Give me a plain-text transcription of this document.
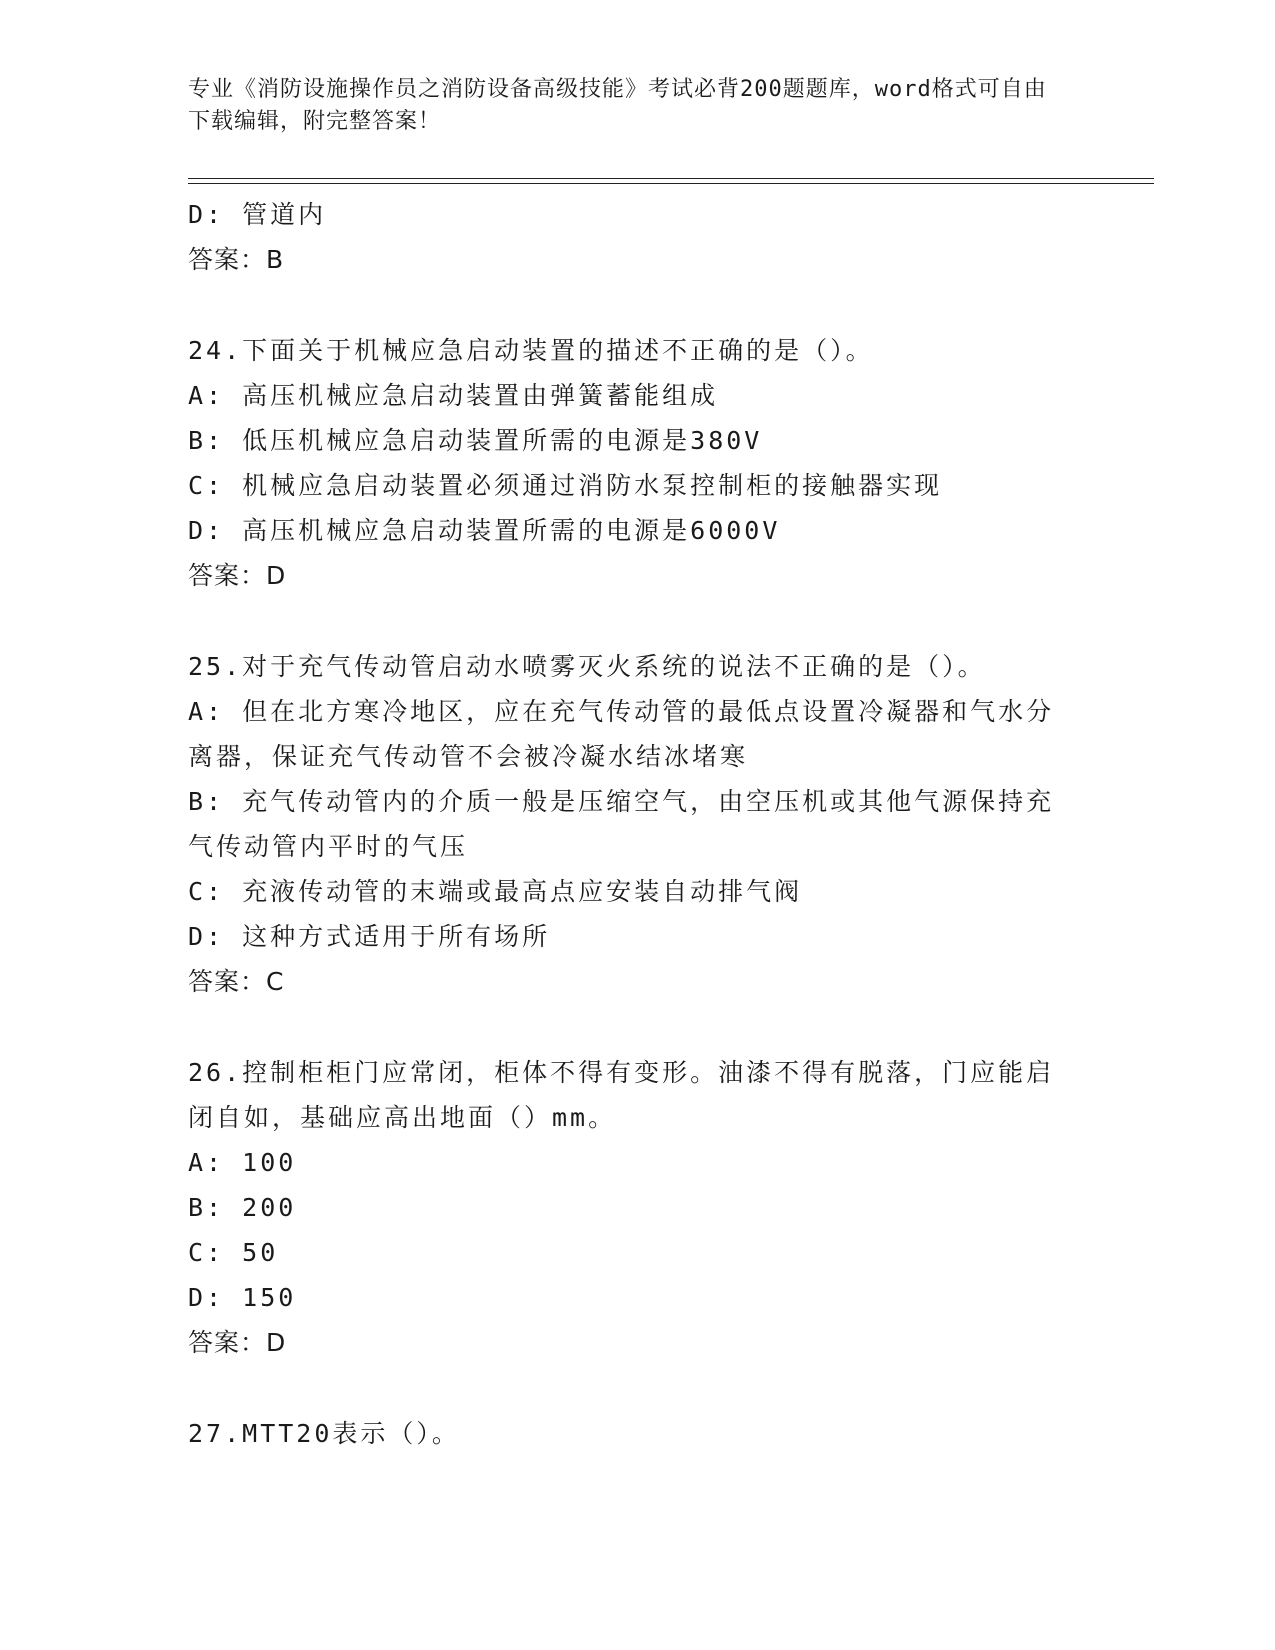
专业《消防设施操作员之消防设备高级技能》考试必背200题题库，word格式可自由下载编辑，附完整答案！
D: 管道内
答案：B
24.下面关于机械应急启动装置的描述不正确的是（）。
A: 高压机械应急启动装置由弹簧蓄能组成
B: 低压机械应急启动装置所需的电源是380V
C: 机械应急启动装置必须通过消防水泵控制柜的接触器实现
D: 高压机械应急启动装置所需的电源是6000V
答案：D
25.对于充气传动管启动水喷雾灭火系统的说法不正确的是（）。
A: 但在北方寒冷地区，应在充气传动管的最低点设置冷凝器和气水分离器，保证充气传动管不会被冷凝水结冰堵寒
B: 充气传动管内的介质一般是压缩空气，由空压机或其他气源保持充气传动管内平时的气压
C: 充液传动管的末端或最高点应安装自动排气阀
D: 这种方式适用于所有场所
答案：C
26.控制柜柜门应常闭，柜体不得有变形。油漆不得有脱落，门应能启闭自如，基础应高出地面（）mm。
A: 100
B: 200
C: 50
D: 150
答案：D
27.MTT20表示（）。
